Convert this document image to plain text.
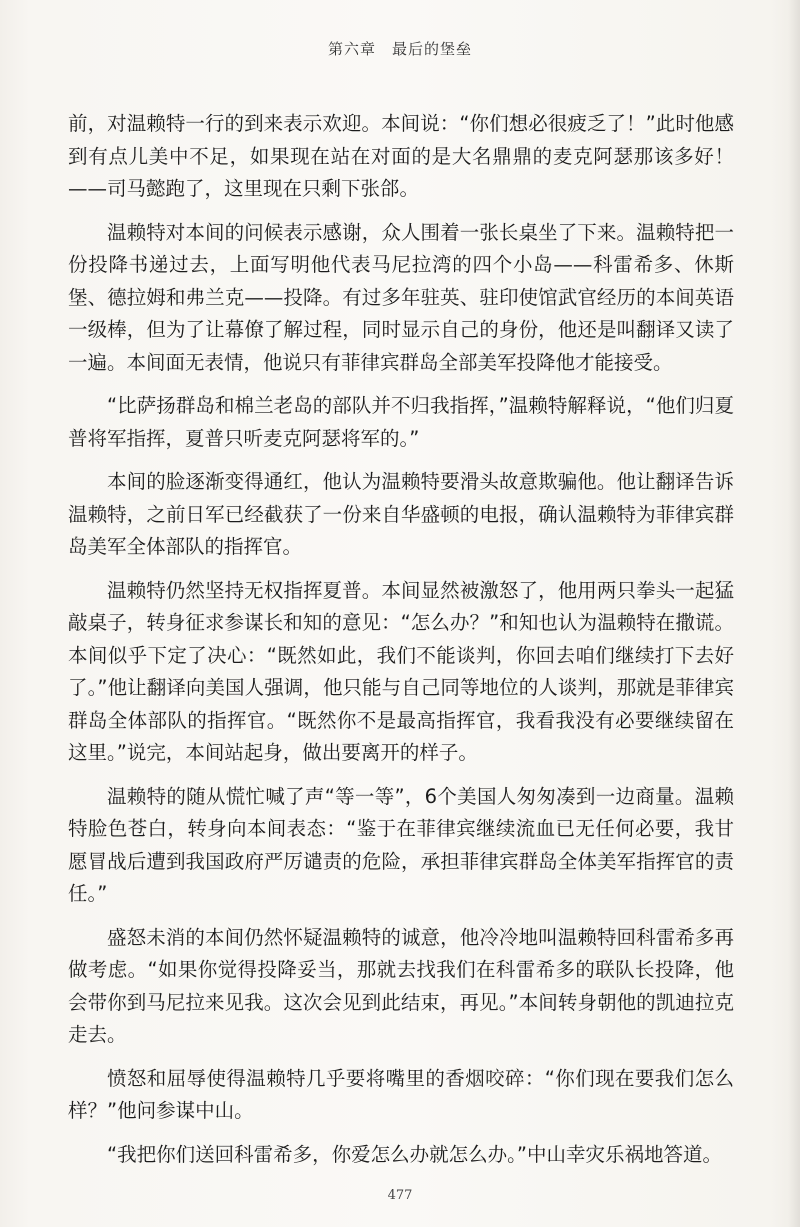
第六章　最后的堡垒

前，对温赖特一行的到来表示欢迎。本间说：“你们想必很疲乏了！”此时他感到有点儿美中不足，如果现在站在对面的是大名鼎鼎的麦克阿瑟那该多好！——司马懿跑了，这里现在只剩下张郃。

温赖特对本间的问候表示感谢，众人围着一张长桌坐了下来。温赖特把一份投降书递过去，上面写明他代表马尼拉湾的四个小岛——科雷希多、休斯堡、德拉姆和弗兰克——投降。有过多年驻英、驻印使馆武官经历的本间英语一级棒，但为了让幕僚了解过程，同时显示自己的身份，他还是叫翻译又读了一遍。本间面无表情，他说只有菲律宾群岛全部美军投降他才能接受。

“比萨扬群岛和棉兰老岛的部队并不归我指挥，”温赖特解释说，“他们归夏普将军指挥，夏普只听麦克阿瑟将军的。”

本间的脸逐渐变得通红，他认为温赖特要滑头故意欺骗他。他让翻译告诉温赖特，之前日军已经截获了一份来自华盛顿的电报，确认温赖特为菲律宾群岛美军全体部队的指挥官。

温赖特仍然坚持无权指挥夏普。本间显然被激怒了，他用两只拳头一起猛敲桌子，转身征求参谋长和知的意见：“怎么办？”和知也认为温赖特在撒谎。本间似乎下定了决心：“既然如此，我们不能谈判，你回去咱们继续打下去好了。”他让翻译向美国人强调，他只能与自己同等地位的人谈判，那就是菲律宾群岛全体部队的指挥官。“既然你不是最高指挥官，我看我没有必要继续留在这里。”说完，本间站起身，做出要离开的样子。

温赖特的随从慌忙喊了声“等一等”，6个美国人匆匆凑到一边商量。温赖特脸色苍白，转身向本间表态：“鉴于在菲律宾继续流血已无任何必要，我甘愿冒战后遭到我国政府严厉谴责的危险，承担菲律宾群岛全体美军指挥官的责任。”

盛怒未消的本间仍然怀疑温赖特的诚意，他冷冷地叫温赖特回科雷希多再做考虑。“如果你觉得投降妥当，那就去找我们在科雷希多的联队长投降，他会带你到马尼拉来见我。这次会见到此结束，再见。”本间转身朝他的凯迪拉克走去。

愤怒和屈辱使得温赖特几乎要将嘴里的香烟咬碎：“你们现在要我们怎么样？”他问参谋中山。

“我把你们送回科雷希多，你爱怎么办就怎么办。”中山幸灾乐祸地答道。

477
